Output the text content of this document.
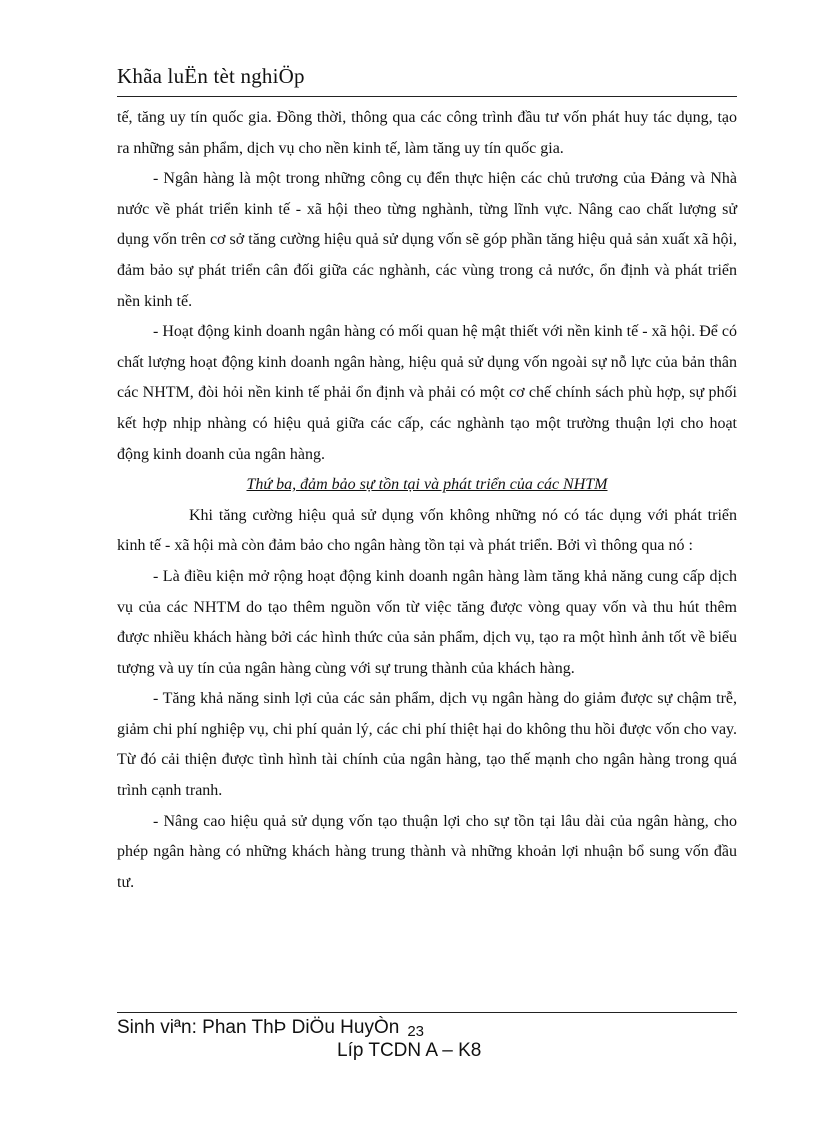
Khãa luËn tèt nghiÖp

tế, tăng uy tín quốc gia. Đồng thời, thông qua các công trình đầu tư vốn phát huy tác dụng, tạo ra những sản phẩm, dịch vụ cho nền kinh tế, làm tăng uy tín quốc gia.

- Ngân hàng là một trong những công cụ đển thực hiện các chủ trương của Đảng và Nhà nước về phát triển kinh tế - xã hội theo từng nghành, từng lĩnh vực. Nâng cao chất lượng sử dụng vốn trên cơ sở tăng cường hiệu quả sử dụng vốn sẽ góp phần tăng hiệu quả sản xuất xã hội, đảm bảo sự phát triển cân đối giữa các nghành, các vùng trong cả nước, ổn định và phát triển nền kinh tế.

- Hoạt động kinh doanh ngân hàng có mối quan hệ mật thiết với nền kinh tế - xã hội. Để có chất lượng hoạt động kinh doanh ngân hàng, hiệu quả sử dụng vốn ngoài sự nỗ lực của bản thân các NHTM, đòi hỏi nền kinh tế phải ổn định và phải có một cơ chế chính sách phù hợp, sự phối kết hợp nhịp nhàng có hiệu quả giữa các cấp, các nghành tạo một trường thuận lợi cho hoạt động kinh doanh của ngân hàng.

Thứ ba, đảm bảo sự tồn tại và phát triển của các NHTM

Khi tăng cường hiệu quả sử dụng vốn không những nó có tác dụng với phát triển kinh tế - xã hội mà còn đảm bảo cho ngân hàng tồn tại và phát triển. Bởi vì thông qua nó :

- Là điều kiện mở rộng hoạt động kinh doanh ngân hàng làm tăng khả năng cung cấp dịch vụ của các NHTM do tạo thêm nguồn vốn từ việc tăng được vòng quay vốn và thu hút thêm được nhiều khách hàng bởi các hình thức của sản phẩm, dịch vụ, tạo ra một hình ảnh tốt về biểu tượng và uy tín của ngân hàng cùng với sự trung thành của khách hàng.

- Tăng khả năng sinh lợi của các sản phẩm, dịch vụ ngân hàng do giảm được sự chậm trễ, giảm chi phí nghiệp vụ, chi phí quản lý, các chi phí thiệt hại do không thu hồi được vốn cho vay. Từ đó cải thiện được tình hình tài chính của ngân hàng, tạo thế mạnh cho ngân hàng trong quá trình cạnh tranh.

- Nâng cao hiệu quả sử dụng vốn tạo thuận lợi cho sự tồn tại lâu dài của ngân hàng, cho phép ngân hàng có những khách hàng trung thành và những khoản lợi nhuận bổ sung vốn đầu tư.

Sinh viªn: Phan ThÞ DiÖu HuyÒn 23
Líp TCDN A – K8
